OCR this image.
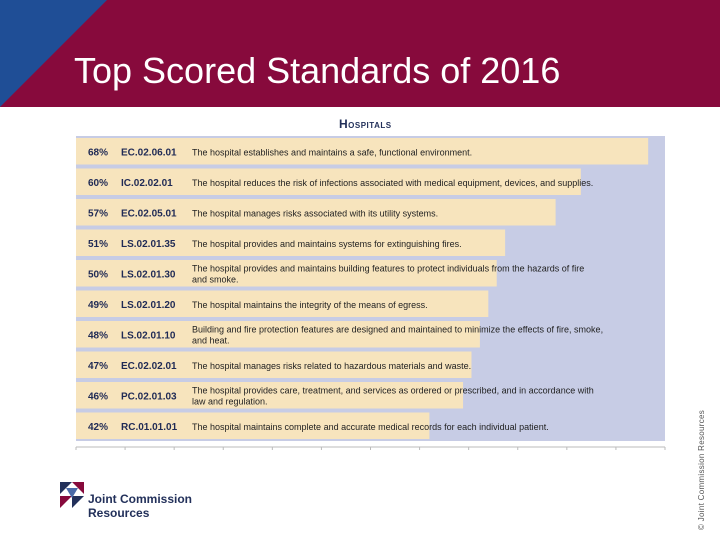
Top Scored Standards of 2016
Hospitals
68% EC.02.06.01 The hospital establishes and maintains a safe, functional environment.
60% IC.02.02.01 The hospital reduces the risk of infections associated with medical equipment, devices, and supplies.
57% EC.02.05.01 The hospital manages risks associated with its utility systems.
51% LS.02.01.35 The hospital provides and maintains systems for extinguishing fires.
50% LS.02.01.30
The hospital provides and maintains building features to protect individuals from the hazards of fire
and smoke.
49% LS.02.01.20 The hospital maintains the integrity of the means of egress.
48% LS.02.01.10
Building and fire protection features are designed and maintained to minimize the effects of fire, smoke,
and heat.
47% EC.02.02.01 The hospital manages risks related to hazardous materials and waste.
46% PC.02.01.03
The hospital provides care, treatment, and services as ordered or prescribed, and in accordance with
law and regulation.
42% RC.01.01.01 The hospital maintains complete and accurate medical records for each individual patient.	© Joint Commission Resources
Joint Commission
Resources
